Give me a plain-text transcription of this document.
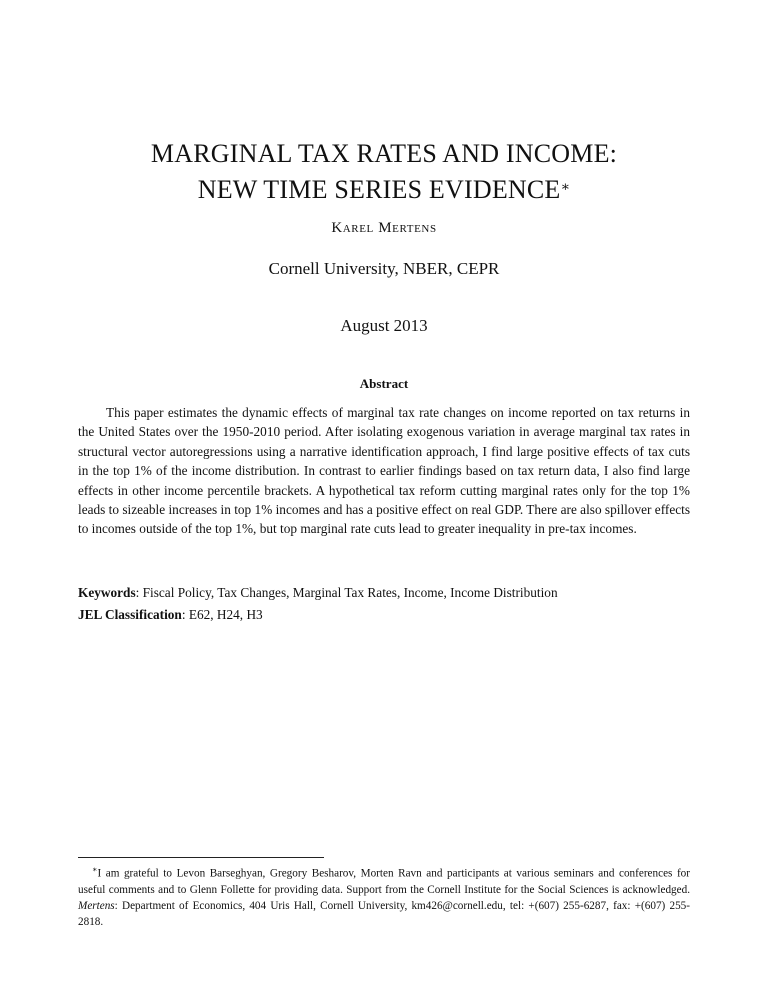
MARGINAL TAX RATES AND INCOME:
NEW TIME SERIES EVIDENCE∗
Karel Mertens
Cornell University, NBER, CEPR
August 2013
Abstract
This paper estimates the dynamic effects of marginal tax rate changes on income reported on tax returns in the United States over the 1950-2010 period. After isolating exogenous variation in average marginal tax rates in structural vector autoregressions using a narrative identification approach, I find large positive effects of tax cuts in the top 1% of the income distribution. In contrast to earlier findings based on tax return data, I also find large effects in other income percentile brackets. A hypothetical tax reform cutting marginal rates only for the top 1% leads to sizeable increases in top 1% incomes and has a positive effect on real GDP. There are also spillover effects to incomes outside of the top 1%, but top marginal rate cuts lead to greater inequality in pre-tax incomes.
Keywords: Fiscal Policy, Tax Changes, Marginal Tax Rates, Income, Income Distribution
JEL Classification: E62, H24, H3
∗I am grateful to Levon Barseghyan, Gregory Besharov, Morten Ravn and participants at various seminars and conferences for useful comments and to Glenn Follette for providing data. Support from the Cornell Institute for the Social Sciences is acknowledged. Mertens: Department of Economics, 404 Uris Hall, Cornell University, km426@cornell.edu, tel: +(607) 255-6287, fax: +(607) 255-2818.
